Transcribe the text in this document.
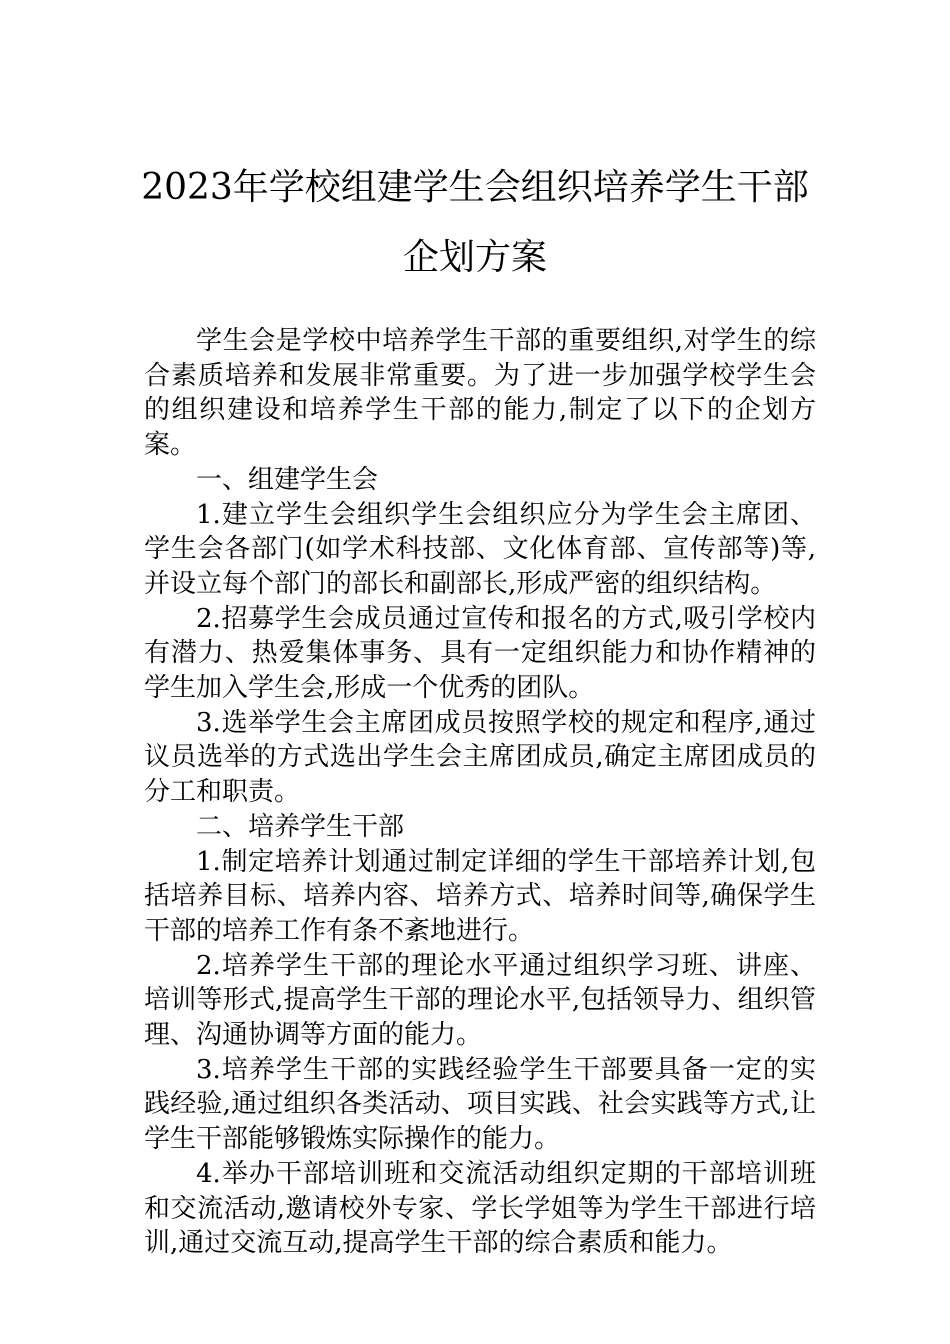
2023年学校组建学生会组织培养学生干部
企划方案

学生会是学校中培养学生干部的重要组织,对学生的综合素质培养和发展非常重要。为了进一步加强学校学生会的组织建设和培养学生干部的能力,制定了以下的企划方案。

一、组建学生会

1.建立学生会组织学生会组织应分为学生会主席团、学生会各部门(如学术科技部、文化体育部、宣传部等)等,并设立每个部门的部长和副部长,形成严密的组织结构。

2.招募学生会成员通过宣传和报名的方式,吸引学校内有潜力、热爱集体事务、具有一定组织能力和协作精神的学生加入学生会,形成一个优秀的团队。

3.选举学生会主席团成员按照学校的规定和程序,通过议员选举的方式选出学生会主席团成员,确定主席团成员的分工和职责。

二、培养学生干部

1.制定培养计划通过制定详细的学生干部培养计划,包括培养目标、培养内容、培养方式、培养时间等,确保学生干部的培养工作有条不紊地进行。

2.培养学生干部的理论水平通过组织学习班、讲座、培训等形式,提高学生干部的理论水平,包括领导力、组织管理、沟通协调等方面的能力。

3.培养学生干部的实践经验学生干部要具备一定的实践经验,通过组织各类活动、项目实践、社会实践等方式,让学生干部能够锻炼实际操作的能力。

4.举办干部培训班和交流活动组织定期的干部培训班和交流活动,邀请校外专家、学长学姐等为学生干部进行培训,通过交流互动,提高学生干部的综合素质和能力。
